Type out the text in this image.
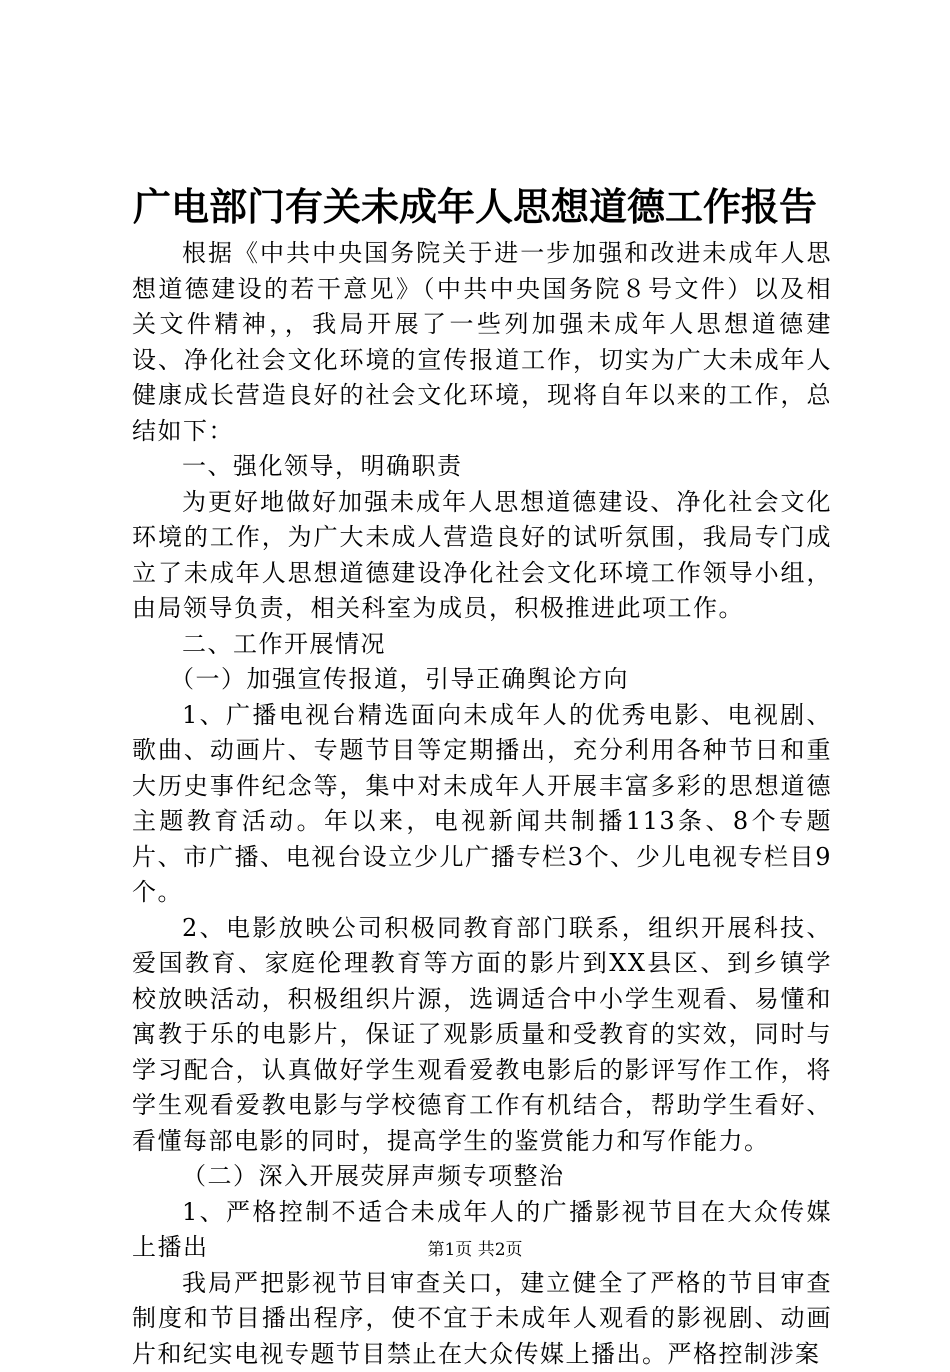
广电部门有关未成年人思想道德工作报告

根据《中共中央国务院关于进一步加强和改进未成年人思想道德建设的若干意见》（中共中央国务院８号文件）以及相关文件精神，，我局开展了一些列加强未成年人思想道德建设、净化社会文化环境的宣传报道工作，切实为广大未成年人健康成长营造良好的社会文化环境，现将自年以来的工作，总结如下：

一、强化领导，明确职责

为更好地做好加强未成年人思想道德建设、净化社会文化环境的工作，为广大未成人营造良好的试听氛围，我局专门成立了未成年人思想道德建设净化社会文化环境工作领导小组，由局领导负责，相关科室为成员，积极推进此项工作。

二、工作开展情况

（一）加强宣传报道，引导正确舆论方向

1、广播电视台精选面向未成年人的优秀电影、电视剧、歌曲、动画片、专题节目等定期播出，充分利用各种节日和重大历史事件纪念等，集中对未成年人开展丰富多彩的思想道德主题教育活动。年以来，电视新闻共制播113条、8个专题片、市广播、电视台设立少儿广播专栏3个、少儿电视专栏目9个。

2、电影放映公司积极同教育部门联系，组织开展科技、爱国教育、家庭伦理教育等方面的影片到XX县区、到乡镇学校放映活动，积极组织片源，选调适合中小学生观看、易懂和寓教于乐的电影片，保证了观影质量和受教育的实效，同时与学习配合，认真做好学生观看爱教电影后的影评写作工作，将学生观看爱教电影与学校德育工作有机结合，帮助学生看好、看懂每部电影的同时，提高学生的鉴赏能力和写作能力。

（二）深入开展荧屏声频专项整治

1、严格控制不适合未成年人的广播影视节目在大众传媒上播出

我局严把影视节目审查关口，建立健全了严格的节目审查制度和节目播出程序，使不宜于未成年人观看的影视剧、动画片和纪实电视专题节目禁止在大众传媒上播出。严格控制涉案

第1页 共2页
